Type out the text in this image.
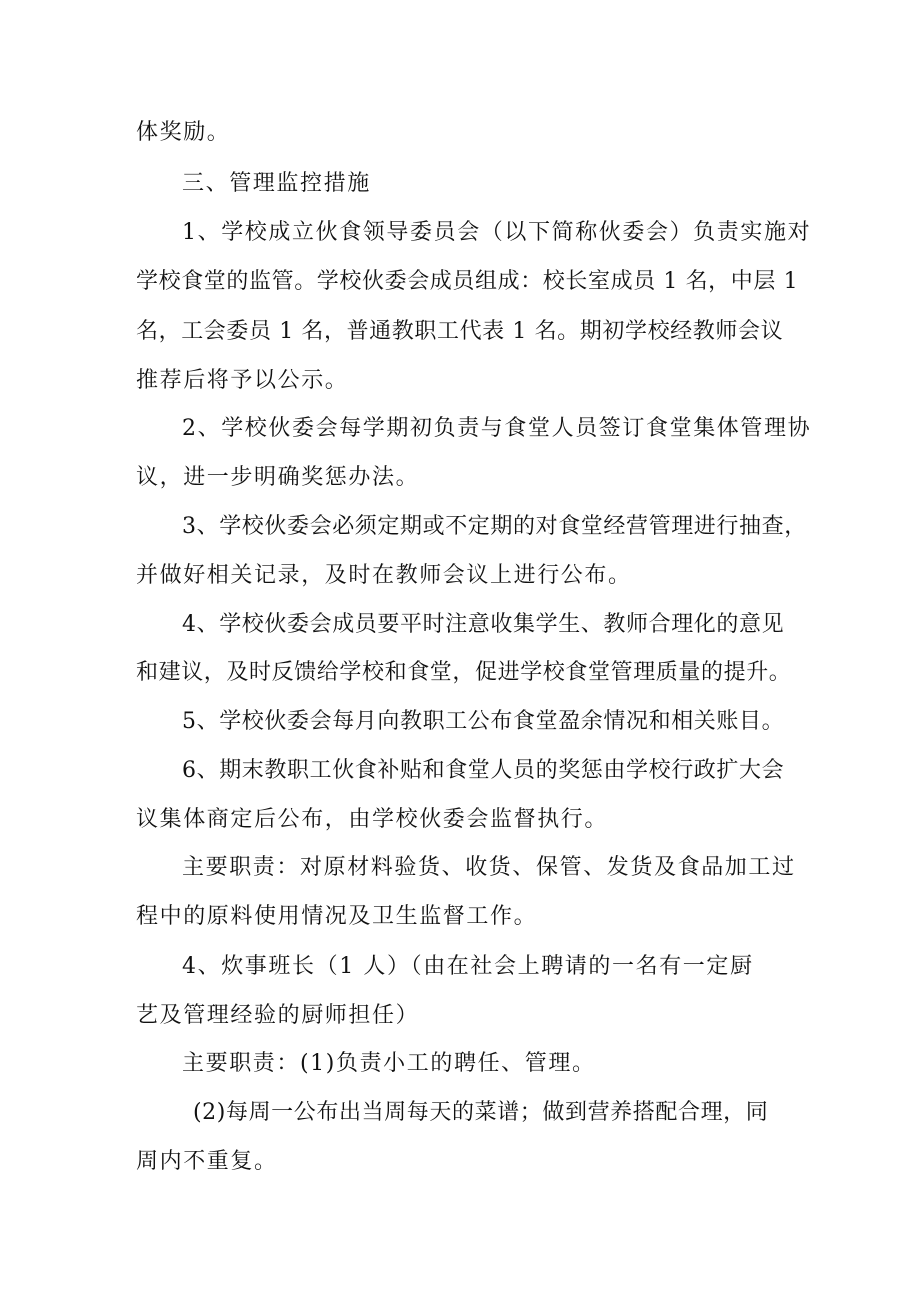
体奖励。
三、管理监控措施
1、学校成立伙食领导委员会（以下简称伙委会）负责实施对
学校食堂的监管。学校伙委会成员组成：校长室成员 1 名，中层 1
名，工会委员 1 名，普通教职工代表 1 名。期初学校经教师会议
推荐后将予以公示。
2、学校伙委会每学期初负责与食堂人员签订食堂集体管理协
议，进一步明确奖惩办法。
3、学校伙委会必须定期或不定期的对食堂经营管理进行抽查，
并做好相关记录，及时在教师会议上进行公布。
4、学校伙委会成员要平时注意收集学生、教师合理化的意见
和建议，及时反馈给学校和食堂，促进学校食堂管理质量的提升。
5、学校伙委会每月向教职工公布食堂盈余情况和相关账目。
6、期末教职工伙食补贴和食堂人员的奖惩由学校行政扩大会
议集体商定后公布，由学校伙委会监督执行。
主要职责：对原材料验货、收货、保管、发货及食品加工过
程中的原料使用情况及卫生监督工作。
4、炊事班长（1 人）（由在社会上聘请的一名有一定厨
艺及管理经验的厨师担任）
主要职责：(1)负责小工的聘任、管理。
(2)每周一公布出当周每天的菜谱；做到营养搭配合理，同
周内不重复。
